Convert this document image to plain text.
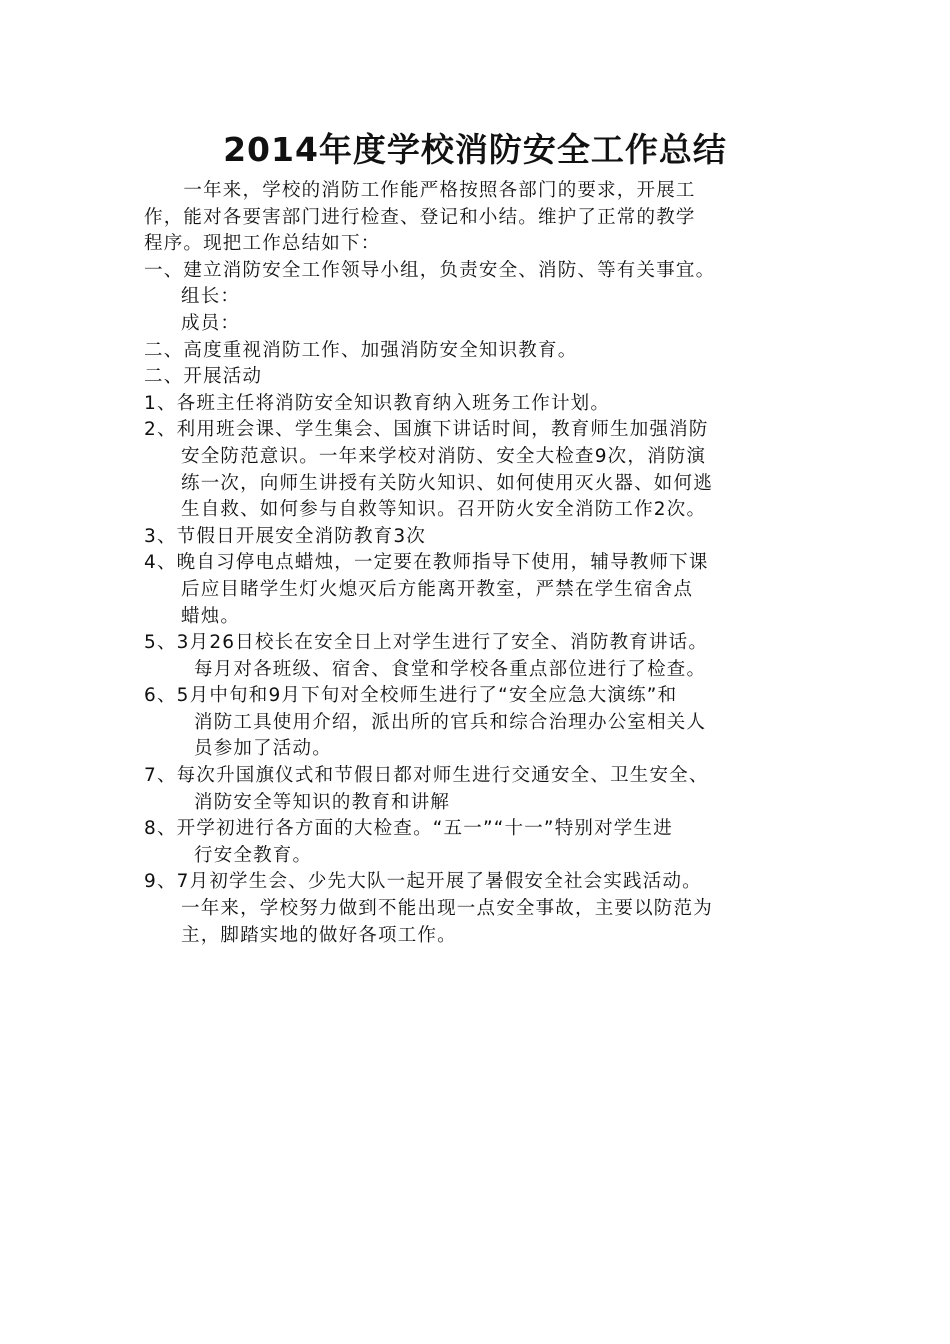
2014年度学校消防安全工作总结
　　一年来，学校的消防工作能严格按照各部门的要求，开展工
作，能对各要害部门进行检查、登记和小结。维护了正常的教学
程序。现把工作总结如下：
一、建立消防安全工作领导小组，负责安全、消防、等有关事宜。
组长：
成员：
二、高度重视消防工作、加强消防安全知识教育。
二、开展活动
1、各班主任将消防安全知识教育纳入班务工作计划。
2、利用班会课、学生集会、国旗下讲话时间，教育师生加强消防
安全防范意识。一年来学校对消防、安全大检查9次，消防演
练一次，向师生讲授有关防火知识、如何使用灭火器、如何逃
生自救、如何参与自救等知识。召开防火安全消防工作2次。
3、节假日开展安全消防教育3次
4、晚自习停电点蜡烛，一定要在教师指导下使用，辅导教师下课
后应目睹学生灯火熄灭后方能离开教室，严禁在学生宿舍点
蜡烛。
5、3月26日校长在安全日上对学生进行了安全、消防教育讲话。
每月对各班级、宿舍、食堂和学校各重点部位进行了检查。
6、5月中旬和9月下旬对全校师生进行了“安全应急大演练”和
消防工具使用介绍，派出所的官兵和综合治理办公室相关人
员参加了活动。
7、每次升国旗仪式和节假日都对师生进行交通安全、卫生安全、
消防安全等知识的教育和讲解
8、开学初进行各方面的大检查。“五一”“十一”特别对学生进
行安全教育。
9、7月初学生会、少先大队一起开展了暑假安全社会实践活动。
一年来，学校努力做到不能出现一点安全事故，主要以防范为
主，脚踏实地的做好各项工作。
